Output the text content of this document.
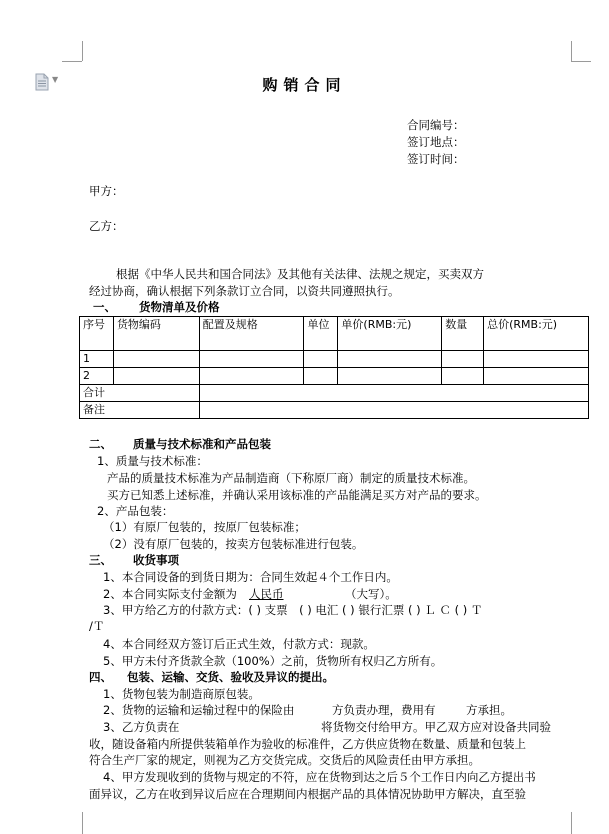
▼	购销合同
合同编号：
签订地点：
签订时间：
甲方：
乙方：
根据《中华人民共和国合同法》及其他有关法律、法规之规定，买卖双方
经过协商，确认根据下列条款订立合同，以资共同遵照执行。
一、 货物清单及价格
序号	货物编码	配置及规格	单位	单价(RMB:元)	数量	总价(RMB:元)
1						
2						
合计						
备注						
二、 质量与技术标准和产品包装
1、质量与技术标准：
产品的质量技术标准为产品制造商（下称原厂商）制定的质量技术标准。
买方已知悉上述标准，并确认采用该标准的产品能满足买方对产品的要求。
2、产品包装：
（1）有原厂包装的，按原厂包装标准；
（2）没有原厂包装的，按卖方包装标准进行包装。
三、 收货事项
1、本合同设备的到货日期为：合同生效起４个工作日内。
2、本合同实际支付金额为 人民币	（大写）。
3、甲方给乙方的付款方式：( ) 支票　( ) 电汇 ( ) 银行汇票 ( ) Ｌ Ｃ ( ) Ｔ
/Ｔ
4、本合同经双方签订后正式生效，付款方式：现款。
5、甲方未付齐货款全款（100%）之前，货物所有权归乙方所有。
四、 包装、运输、交货、验收及异议的提出。
1、货物包装为制造商原包装。
2、货物的运输和运输过程中的保险由	方负责办理，费用有	方承担。
3、乙方负责在	将货物交付给甲方。甲乙双方应对设备共同验
收，随设备箱内所提供装箱单作为验收的标准件，乙方供应货物在数量、质量和包装上
符合生产厂家的规定，则视为乙方交货完成。交货后的风险责任由甲方承担。
4、甲方发现收到的货物与规定的不符，应在货物到达之后５个工作日内向乙方提出书
面异议，乙方在收到异议后应在合理期间内根据产品的具体情况协助甲方解决，直至验
